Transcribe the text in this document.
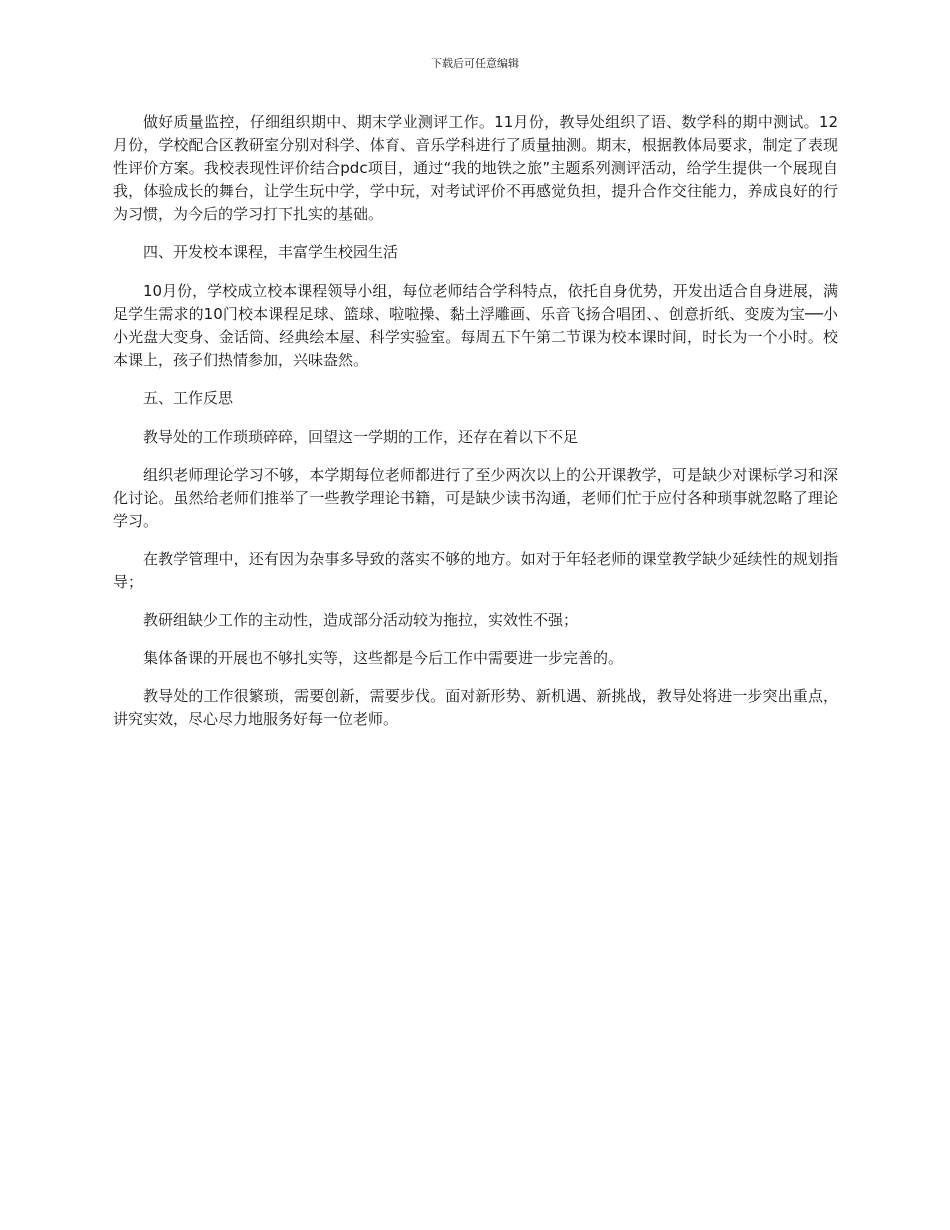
下载后可任意编辑

做好质量监控，仔细组织期中、期末学业测评工作。11月份，教导处组织了语、数学科的期中测试。12月份，学校配合区教研室分别对科学、体育、音乐学科进行了质量抽测。期末，根据教体局要求，制定了表现性评价方案。我校表现性评价结合pdc项目，通过“我的地铁之旅”主题系列测评活动，给学生提供一个展现自我，体验成长的舞台，让学生玩中学，学中玩，对考试评价不再感觉负担，提升合作交往能力，养成良好的行为习惯，为今后的学习打下扎实的基础。

四、开发校本课程，丰富学生校园生活

10月份，学校成立校本课程领导小组，每位老师结合学科特点，依托自身优势，开发出适合自身进展，满足学生需求的10门校本课程足球、篮球、啦啦操、黏土浮雕画、乐音飞扬合唱团、、创意折纸、变废为宝──小小光盘大变身、金话筒、经典绘本屋、科学实验室。每周五下午第二节课为校本课时间，时长为一个小时。校本课上，孩子们热情参加，兴味盎然。

五、工作反思

教导处的工作琐琐碎碎，回望这一学期的工作，还存在着以下不足

组织老师理论学习不够，本学期每位老师都进行了至少两次以上的公开课教学，可是缺少对课标学习和深化讨论。虽然给老师们推举了一些教学理论书籍，可是缺少读书沟通，老师们忙于应付各种琐事就忽略了理论学习。

在教学管理中，还有因为杂事多导致的落实不够的地方。如对于年轻老师的课堂教学缺少延续性的规划指导；

教研组缺少工作的主动性，造成部分活动较为拖拉，实效性不强；

集体备课的开展也不够扎实等，这些都是今后工作中需要进一步完善的。

教导处的工作很繁琐，需要创新，需要步伐。面对新形势、新机遇、新挑战，教导处将进一步突出重点，讲究实效，尽心尽力地服务好每一位老师。
